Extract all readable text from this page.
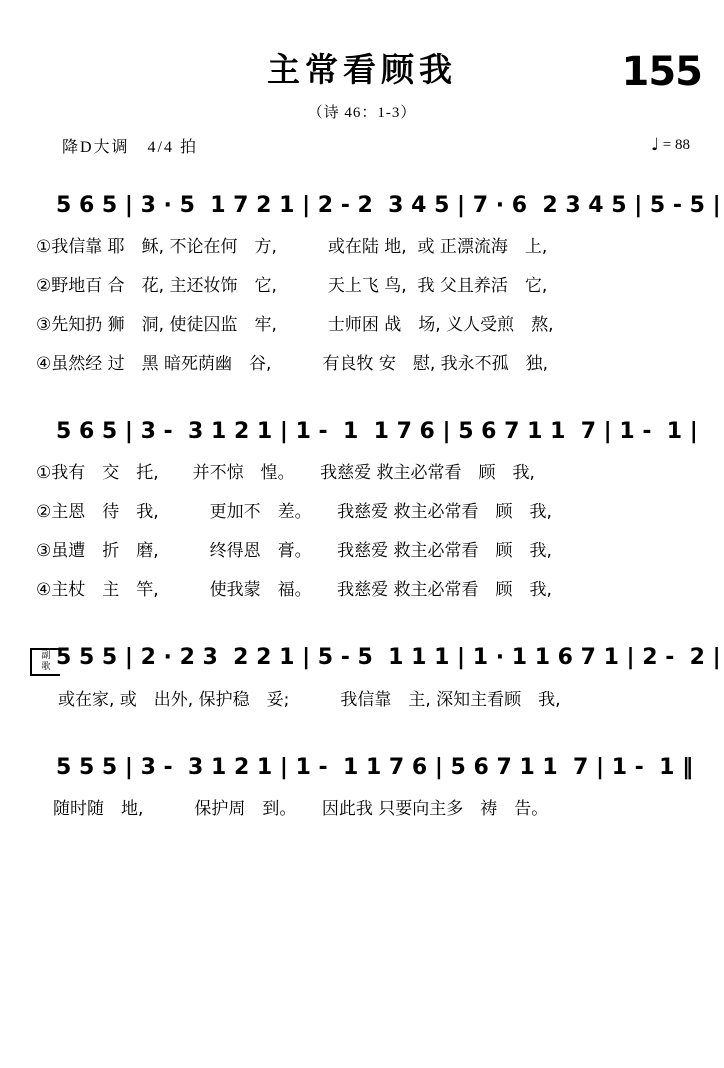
155
主常看顾我
（诗 46：1-3）
降D大调　4/4 拍	♩ = 88
5 6 5 | 3 · 5  1 7 2 1 | 2 - 2  3 4 5 | 7 · 6  2 3 4 5 | 5 - 5 |
①我信靠 耶　稣, 不论在何　方,　　　或在陆 地,  或 正漂流海　上,
②野地百 合　花, 主还妆饰　它,　　　天上飞 鸟,  我 父且养活　它,
③先知扔 狮　洞, 使徒囚监　牢,　　　士师困 战　场, 义人受煎　熬,
④虽然经 过　黑 暗死荫幽　谷,　　　有良牧 安　慰, 我永不孤　独,
5 6 5 | 3 -  3 1 2 1 | 1 -  1  1 7 6 | 5 6 7 1 1  7 | 1 -  1 |
①我有　交　托,　　并不惊　惶。　　我慈爱 救主必常看　顾　我,
②主恩　待　我,　　　更加不　差。　　我慈爱 救主必常看　顾　我,
③虽遭　折　磨,　　　终得恩　膏。　　我慈爱 救主必常看　顾　我,
④主杖　主　竿,　　　使我蒙　福。　　我慈爱 救主必常看　顾　我,
5 5 5 | 2 · 2 3  2 2 1 | 5 - 5  1 1 1 | 1 · 1 1 6 7 1 | 2 -  2 |
副
歌
或在家, 或　出外, 保护稳　妥;　　　我信靠　主, 深知主看顾　我,
5 5 5 | 3 -  3 1 2 1 | 1 -  1 1 7 6 | 5 6 7 1 1  7 | 1 -  1 ‖
　随时随　地,　　　保护周　到。　　因此我 只要向主多　祷　告。
